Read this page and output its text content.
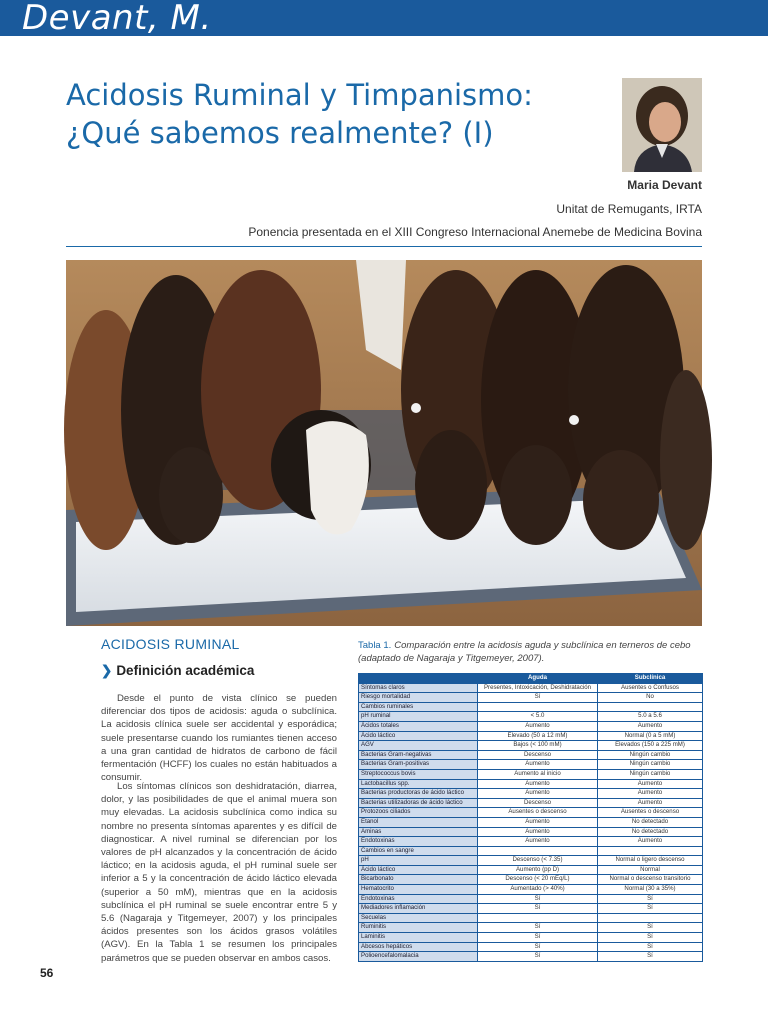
Devant, M.
Acidosis Ruminal y Timpanismo:
¿Qué sabemos realmente? (I)
Maria Devant
Unitat de Remugants, IRTA
Ponencia presentada en el XIII Congreso Internacional Anemebe de Medicina Bovina
Foto: AXON COMUNICACIÓN
ACIDOSIS RUMINAL
❯ Definición académica

Desde el punto de vista clínico se pueden diferenciar dos tipos de acidosis: aguda o subclínica. La acidosis clínica suele ser accidental y esporádica; suele presentarse cuando los rumiantes tienen acceso a una gran cantidad de hidratos de carbono de fácil fermentación (HCFF) los cuales no están habituados a consumir.

Los síntomas clínicos son deshidratación, diarrea, dolor, y las posibilidades de que el animal muera son muy elevadas. La acidosis subclínica como indica su nombre no presenta síntomas aparentes y es difícil de diagnosticar. A nivel ruminal se diferencian por los valores de pH alcanzados y la concentración de ácido láctico; en la acidosis aguda, el pH ruminal suele ser inferior a 5 y la concentración de ácido láctico elevada (superior a 50 mM), mientras que en la acidosis subclínica el pH ruminal se suele encontrar entre 5 y 5.6 (Nagaraja y Titgemeyer, 2007) y los principales ácidos presentes son los ácidos grasos volátiles (AGV). En la Tabla 1 se resumen los principales parámetros que se pueden observar en ambos casos.

56
Tabla 1. Comparación entre la acidosis aguda y subclínica en terneros de cebo (adaptado de Nagaraja y Titgemeyer, 2007).
	Aguda	Subclínica
Síntomas claros	Presentes, Intoxicación, Deshidratación	Ausentes o Confusos
Riesgo mortalidad	Sí	No
Cambios ruminales		
pH ruminal	< 5.0	5.0 a 5.6
Ácidos totales	Aumento	Aumento
Ácido láctico	Elevado (50 a 12 mM)	Normal (0 a 5 mM)
AGV	Bajos (< 100 mM)	Elevados (150 a 225 mM)
Bacterias Gram-negativas	Descenso	Ningún cambio
Bacterias Gram-positivas	Aumento	Ningún cambio
Streptococcus bovis	Aumento al inicio	Ningún cambio
Lactobacillus spp.	Aumento	Aumento
Bacterias productoras de ácido láctico	Aumento	Aumento
Bacterias utilizadoras de ácido láctico	Descenso	Aumento
Protozoos ciliados	Ausentes o descenso	Ausentes o descenso
Etanol	Aumento	No detectado
Aminas	Aumento	No detectado
Endotoxinas	Aumento	Aumento
Cambios en sangre		
pH	Descenso (< 7.35)	Normal o ligero descenso
Ácido láctico	Aumento (pp D)	Normal
Bicarbonato	Descenso (< 20 mEq/L)	Normal o descenso transitorio
Hematocrito	Aumentado (> 40%)	Normal (30 a 35%)
Endotoxinas	Sí	Sí
Mediadores inflamación	Sí	Sí
Secuelas		
Ruminitis	Sí	Sí
Laminitis	Sí	Sí
Abcesos hepáticos	Sí	Sí
Polioencefalomalacia	Sí	Sí
